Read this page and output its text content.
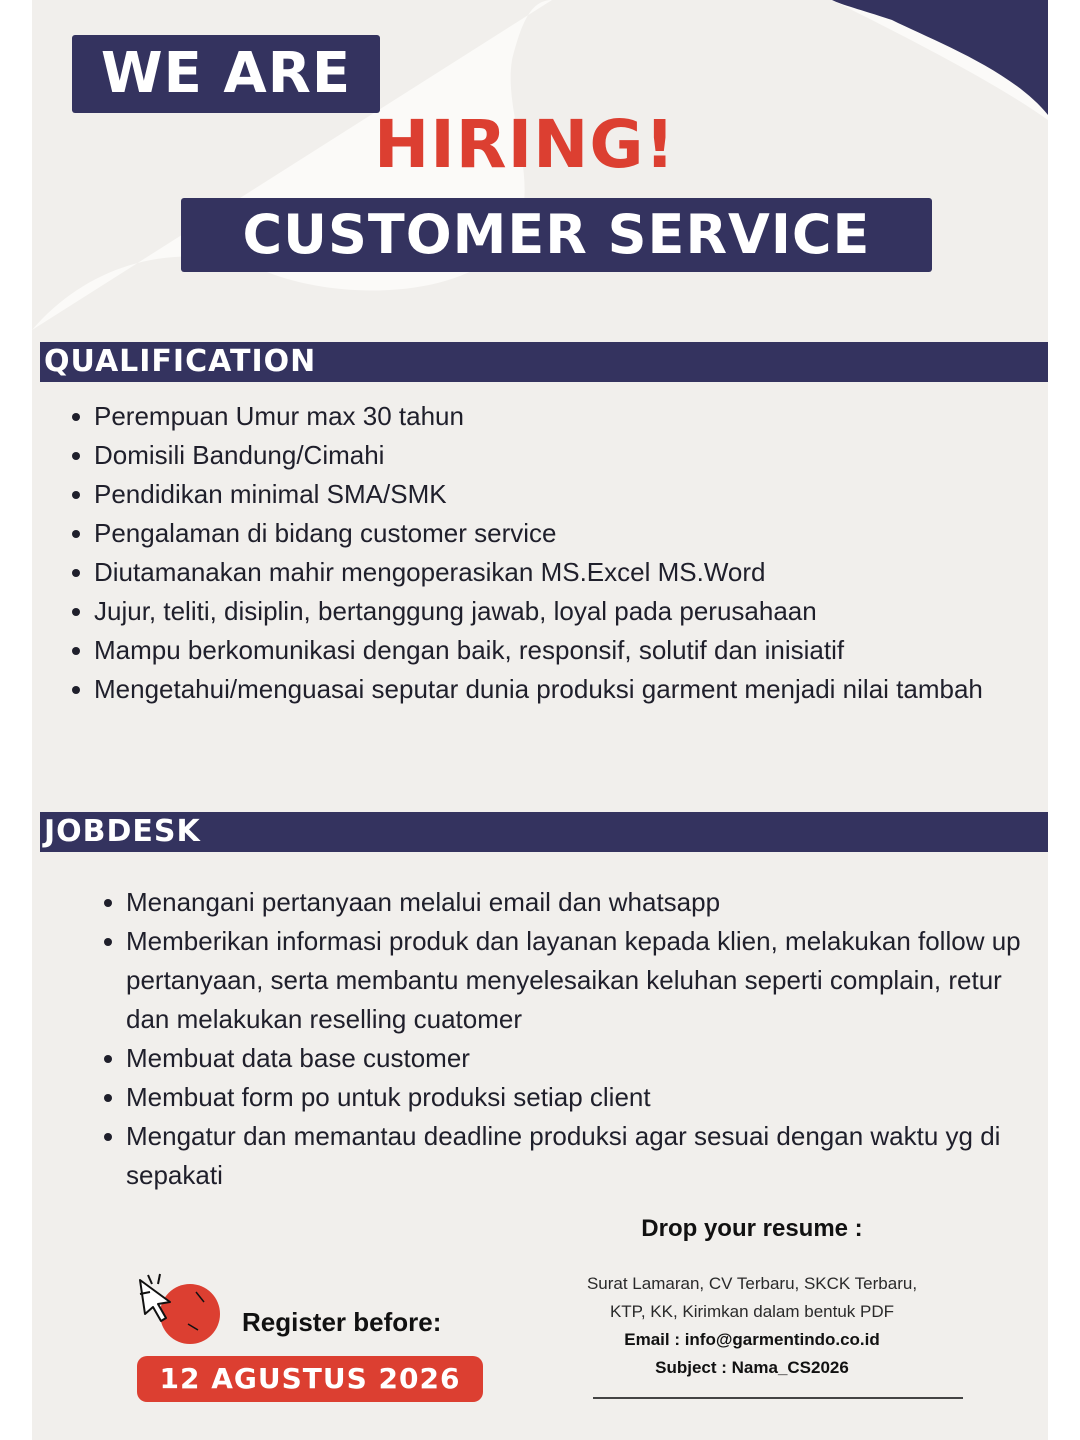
WE ARE
HIRING!
CUSTOMER SERVICE
QUALIFICATION
Perempuan Umur max 30 tahun
Domisili Bandung/Cimahi
Pendidikan minimal SMA/SMK
Pengalaman di bidang customer service
Diutamanakan mahir mengoperasikan MS.Excel MS.Word
Jujur, teliti, disiplin, bertanggung jawab, loyal pada perusahaan
Mampu berkomunikasi dengan baik, responsif, solutif dan inisiatif
Mengetahui/menguasai seputar dunia produksi garment menjadi nilai tambah
JOBDESK
Menangani pertanyaan melalui email dan whatsapp
Memberikan informasi produk dan layanan kepada klien, melakukan follow up pertanyaan, serta membantu menyelesaikan keluhan seperti complain, retur dan melakukan reselling cuatomer
Membuat data base customer
Membuat form po untuk produksi setiap client
Mengatur dan memantau deadline produksi agar sesuai dengan waktu yg di sepakati
Register before:
12 AGUSTUS 2026
Drop your resume :
Surat Lamaran, CV Terbaru, SKCK Terbaru,
KTP, KK, Kirimkan dalam bentuk PDF
Email : info@garmentindo.co.id
Subject : Nama_CS2026
